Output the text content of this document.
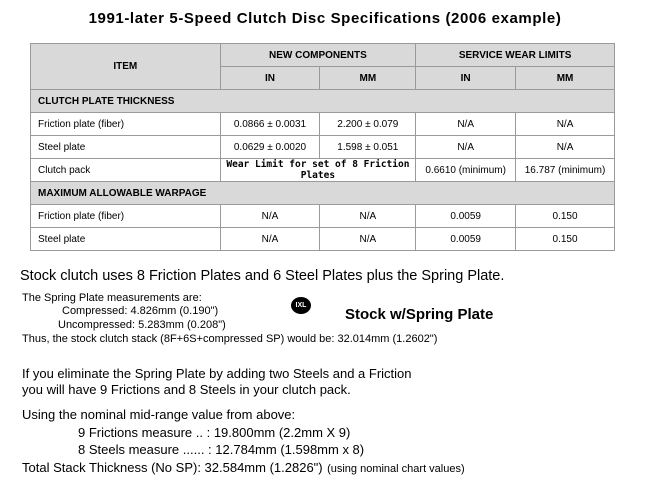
1991-later 5-Speed Clutch Disc Specifications (2006 example)
ITEM	NEW COMPONENTS		SERVICE WEAR LIMITS	
	IN	MM	IN	MM
CLUTCH PLATE THICKNESS				
Friction plate (fiber)	0.0866 ± 0.0031	2.200 ± 0.079	N/A	N/A
Steel plate	0.0629 ± 0.0020	1.598 ± 0.051	N/A	N/A
Clutch pack	Wear Limit for set of 8 Friction Plates		0.6610 (minimum)	16.787 (minimum)
MAXIMUM ALLOWABLE WARPAGE				
Friction plate (fiber)	N/A	N/A	0.0059	0.150
Steel plate	N/A	N/A	0.0059	0.150
Stock clutch uses 8 Friction Plates and 6 Steel Plates plus the Spring Plate.
The Spring Plate measurements are:
Compressed: 4.826mm (0.190")
Uncompressed: 5.283mm (0.208")
Thus, the stock clutch stack (8F+6S+compressed SP) would be: 32.014mm (1.2602")
IXL
Stock w/Spring Plate
If you eliminate the Spring Plate by adding two Steels and a Friction
you will have 9 Frictions and 8 Steels in your clutch pack.
Using the nominal mid-range value from above:
9 Frictions measure .. : 19.800mm (2.2mm X 9)
8 Steels measure ...... : 12.784mm (1.598mm x 8)
Total Stack Thickness (No SP): 32.584mm (1.2826") (using nominal chart values)
